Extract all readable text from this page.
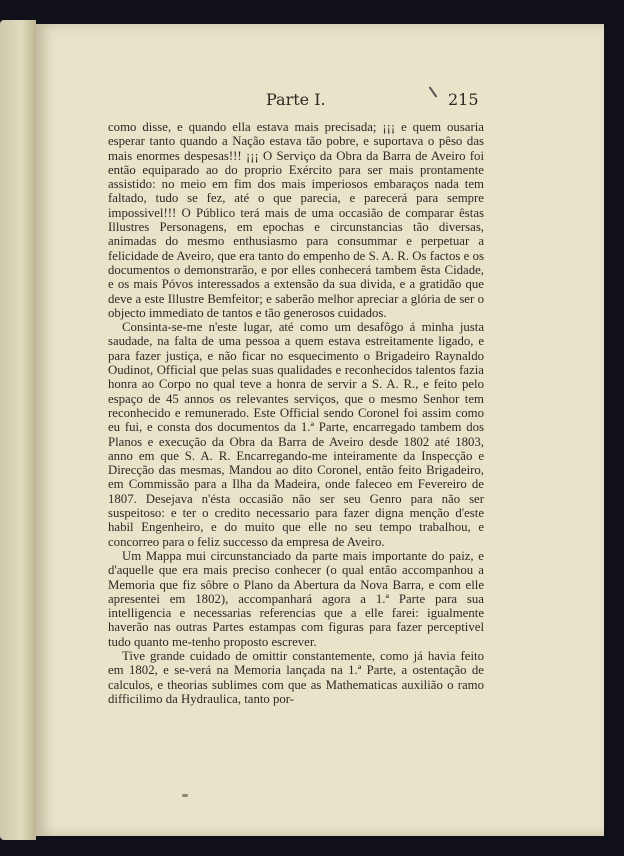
Parte I.	215

como disse, e quando ella estava mais precisada; ¡¡¡ e quem ousaria esperar tanto quando a Nação estava tão pobre, e suportava o pêso das mais enormes despesas!!! ¡¡¡ O Serviço da Obra da Barra de Aveiro foi então equiparado ao do proprio Exército para ser mais prontamente assistido: no meio em fim dos mais imperiosos embaraços nada tem faltado, tudo se fez, até o que parecia, e parecerá para sempre impossivel!!! O Público terá mais de uma occasião de comparar êstas Illustres Personagens, em epochas e circunstancias tão diversas, animadas do mesmo enthusiasmo para consummar e perpetuar a felicidade de Aveiro, que era tanto do empenho de S. A. R. Os factos e os documentos o demonstrarão, e por elles conhecerá tambem êsta Cidade, e os mais Póvos interessados a extensão da sua divida, e a gratidão que deve a este Illustre Bemfeitor; e saberão melhor apreciar a glória de ser o objecto immediato de tantos e tão generosos cuidados.

Consinta-se-me n'este lugar, até como um desafôgo á minha justa saudade, na falta de uma pessoa a quem estava estreitamente ligado, e para fazer justiça, e não ficar no esquecimento o Brigadeiro Raynaldo Oudinot, Official que pelas suas qualidades e reconhecidos talentos fazia honra ao Corpo no qual teve a honra de servir a S. A. R., e feito pelo espaço de 45 annos os relevantes serviços, que o mesmo Senhor tem reconhecido e remunerado. Este Official sendo Coronel foi assim como eu fui, e consta dos documentos da 1.ª Parte, encarregado tambem dos Planos e execução da Obra da Barra de Aveiro desde 1802 até 1803, anno em que S. A. R. Encarregando-me inteiramente da Inspecção e Direcção das mesmas, Mandou ao dito Coronel, então feito Brigadeiro, em Commissão para a Ilha da Madeira, onde faleceo em Fevereiro de 1807. Desejava n'ésta occasião não ser seu Genro para não ser suspeitoso: e ter o credito necessario para fazer digna menção d'este habil Engenheiro, e do muito que elle no seu tempo trabalhou, e concorreo para o feliz successo da empresa de Aveiro.

Um Mappa mui circunstanciado da parte mais importante do paiz, e d'aquelle que era mais preciso conhecer (o qual então accompanhou a Memoria que fiz sôbre o Plano da Abertura da Nova Barra, e com elle apresentei em 1802), accompanhará agora a 1.ª Parte para sua intelligencia e necessarias referencias que a elle farei: igualmente haverão nas outras Partes estampas com figuras para fazer perceptivel tudo quanto me-tenho proposto escrever.

Tive grande cuidado de omittir constantemente, como já havia feito em 1802, e se-verá na Memoria lançada na 1.ª Parte, a ostentação de calculos, e theorias sublimes com que as Mathematicas auxilião o ramo difficilimo da Hydraulica, tanto por-
